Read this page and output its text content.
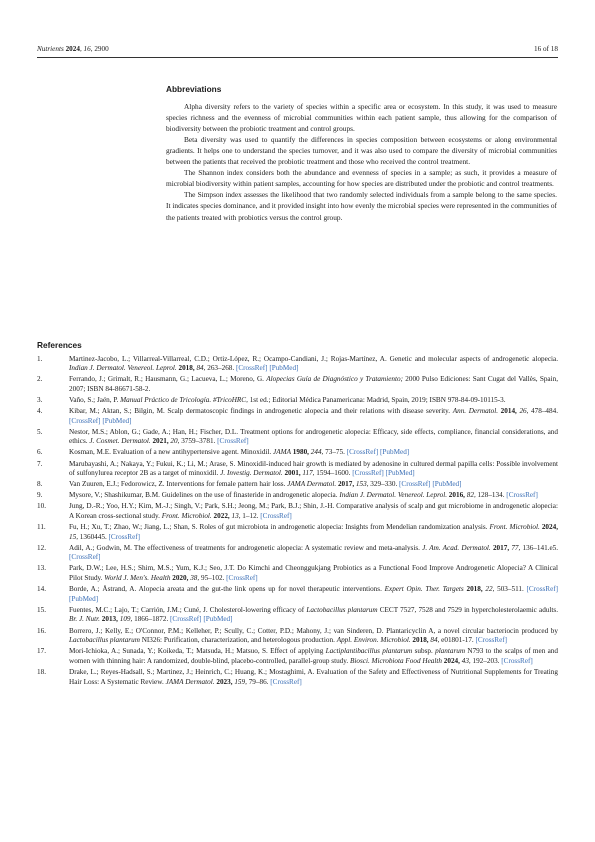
Nutrients 2024, 16, 2900	16 of 18
Abbreviations

Alpha diversity refers to the variety of species within a specific area or ecosystem. In this study, it was used to measure species richness and the evenness of microbial communities within each patient sample, thus allowing for the comparison of biodiversity between the probiotic treatment and control groups.

Beta diversity was used to quantify the differences in species composition between ecosystems or along environmental gradients. It helps one to understand the species turnover, and it was also used to compare the diversity of microbial communities between the patients that received the probiotic treatment and those who received the control treatment.

The Shannon index considers both the abundance and evenness of species in a sample; as such, it provides a measure of microbial biodiversity within patient samples, accounting for how species are distributed under the probiotic and control treatments.

The Simpson index assesses the likelihood that two randomly selected individuals from a sample belong to the same species. It indicates species dominance, and it provided insight into how evenly the microbial species were represented in the communities of the patients treated with probiotics versus the control group.

References
1.	Martinez-Jacobo, L.; Villarreal-Villarreal, C.D.; Ortiz-López, R.; Ocampo-Candiani, J.; Rojas-Martínez, A. Genetic and molecular aspects of androgenetic alopecia. Indian J. Dermatol. Venereol. Leprol. 2018, 84, 263–268. [CrossRef] [PubMed]
2.	Ferrando, J.; Grimalt, R.; Hausmann, G.; Lacueva, L.; Moreno, G. Alopecias Guía de Diagnóstico y Tratamiento; 2000 Pulso Ediciones: Sant Cugat del Vallès, Spain, 2007; ISBN 84-86671-58-2.
3.	Vaño, S.; Jaén, P. Manual Práctico de Tricología. #TricoHRC, 1st ed.; Editorial Médica Panamericana: Madrid, Spain, 2019; ISBN 978-84-09-10115-3.
4.	Kibar, M.; Aktan, S.; Bilgin, M. Scalp dermatoscopic findings in androgenetic alopecia and their relations with disease severity. Ann. Dermatol. 2014, 26, 478–484. [CrossRef] [PubMed]
5.	Nestor, M.S.; Ablon, G.; Gade, A.; Han, H.; Fischer, D.L. Treatment options for androgenetic alopecia: Efficacy, side effects, compliance, financial considerations, and ethics. J. Cosmet. Dermatol. 2021, 20, 3759–3781. [CrossRef]
6.	Kosman, M.E. Evaluation of a new antihypertensive agent. Minoxidil. JAMA 1980, 244, 73–75. [CrossRef] [PubMed]
7.	Marubayashi, A.; Nakaya, Y.; Fukui, K.; Li, M.; Arase, S. Minoxidil-induced hair growth is mediated by adenosine in cultured dermal papilla cells: Possible involvement of sulfonylurea receptor 2B as a target of minoxidil. J. Investig. Dermatol. 2001, 117, 1594–1600. [CrossRef] [PubMed]
8.	Van Zuuren, E.J.; Fedorowicz, Z. Interventions for female pattern hair loss. JAMA Dermatol. 2017, 153, 329–330. [CrossRef] [PubMed]
9.	Mysore, V.; Shashikumar, B.M. Guidelines on the use of finasteride in androgenetic alopecia. Indian J. Dermatol. Venereol. Leprol. 2016, 82, 128–134. [CrossRef]
10.	Jung, D.-R.; Yoo, H.Y.; Kim, M.-J.; Singh, V.; Park, S.H.; Jeong, M.; Park, B.J.; Shin, J.-H. Comparative analysis of scalp and gut microbiome in androgenetic alopecia: A Korean cross-sectional study. Front. Microbiol. 2022, 13, 1–12. [CrossRef]
11.	Fu, H.; Xu, T.; Zhao, W.; Jiang, L.; Shan, S. Roles of gut microbiota in androgenetic alopecia: Insights from Mendelian randomization analysis. Front. Microbiol. 2024, 15, 1360445. [CrossRef]
12.	Adil, A.; Godwin, M. The effectiveness of treatments for androgenetic alopecia: A systematic review and meta-analysis. J. Am. Acad. Dermatol. 2017, 77, 136–141.e5. [CrossRef]
13.	Park, D.W.; Lee, H.S.; Shim, M.S.; Yum, K.J.; Seo, J.T. Do Kimchi and Cheonggukjang Probiotics as a Functional Food Improve Androgenetic Alopecia? A Clinical Pilot Study. World J. Men's. Health 2020, 38, 95–102. [CrossRef]
14.	Borde, A.; Åstrand, A. Alopecia areata and the gut-the link opens up for novel therapeutic interventions. Expert Opin. Ther. Targets 2018, 22, 503–511. [CrossRef] [PubMed]
15.	Fuentes, M.C.; Lajo, T.; Carrión, J.M.; Cuné, J. Cholesterol-lowering efficacy of Lactobacillus plantarum CECT 7527, 7528 and 7529 in hypercholesterolaemic adults. Br. J. Nutr. 2013, 109, 1866–1872. [CrossRef] [PubMed]
16.	Borrero, J.; Kelly, E.; O'Connor, P.M.; Kelleher, P.; Scully, C.; Cotter, P.D.; Mahony, J.; van Sinderen, D. Plantaricyclin A, a novel circular bacteriocin produced by Lactobacillus plantarum NI326: Purification, characterization, and heterologous production. Appl. Environ. Microbiol. 2018, 84, e01801-17. [CrossRef]
17.	Mori-Ichioka, A.; Sunada, Y.; Koikeda, T.; Matsuda, H.; Matsuo, S. Effect of applying Lactiplantibacillus plantarum subsp. plantarum N793 to the scalps of men and women with thinning hair: A randomized, double-blind, placebo-controlled, parallel-group study. Biosci. Microbiota Food Health 2024, 43, 192–203. [CrossRef]
18.	Drake, L.; Reyes-Hadsall, S.; Martinez, J.; Heinrich, C.; Huang, K.; Mostaghimi, A. Evaluation of the Safety and Effectiveness of Nutritional Supplements for Treating Hair Loss: A Systematic Review. JAMA Dermatol. 2023, 159, 79–86. [CrossRef]
